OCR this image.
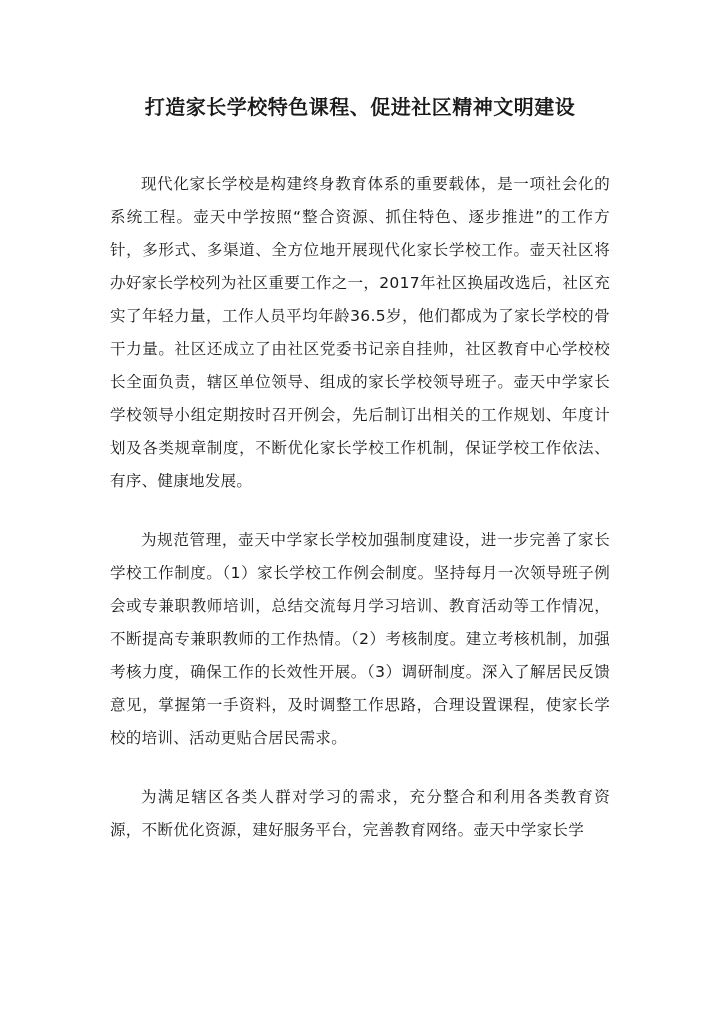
打造家长学校特色课程、促进社区精神文明建设

现代化家长学校是构建终身教育体系的重要载体，是一项社会化的系统工程。壶天中学按照“整合资源、抓住特色、逐步推进”的工作方针，多形式、多渠道、全方位地开展现代化家长学校工作。壶天社区将办好家长学校列为社区重要工作之一，2017年社区换届改选后，社区充实了年轻力量，工作人员平均年龄36.5岁，他们都成为了家长学校的骨干力量。社区还成立了由社区党委书记亲自挂帅，社区教育中心学校校长全面负责，辖区单位领导、组成的家长学校领导班子。壶天中学家长学校领导小组定期按时召开例会，先后制订出相关的工作规划、年度计划及各类规章制度，不断优化家长学校工作机制，保证学校工作依法、有序、健康地发展。

为规范管理，壶天中学家长学校加强制度建设，进一步完善了家长学校工作制度。（1）家长学校工作例会制度。坚持每月一次领导班子例会或专兼职教师培训，总结交流每月学习培训、教育活动等工作情况，不断提高专兼职教师的工作热情。（2）考核制度。建立考核机制，加强考核力度，确保工作的长效性开展。（3）调研制度。深入了解居民反馈意见，掌握第一手资料，及时调整工作思路，合理设置课程，使家长学校的培训、活动更贴合居民需求。

为满足辖区各类人群对学习的需求，充分整合和利用各类教育资源，不断优化资源，建好服务平台，完善教育网络。壶天中学家长学
